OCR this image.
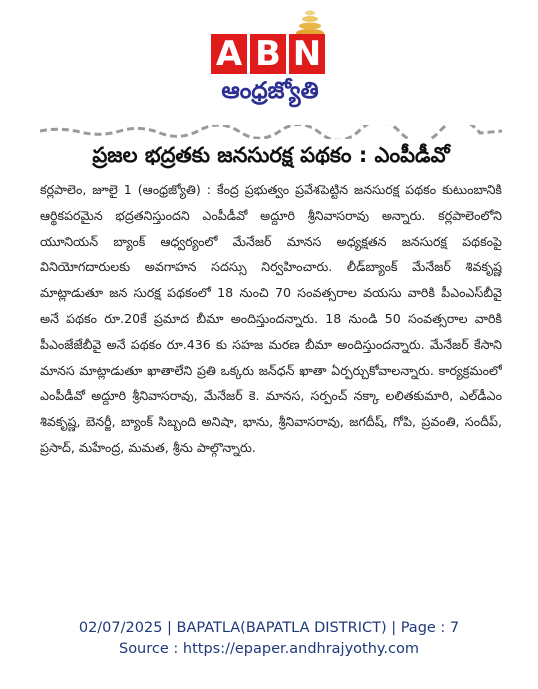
A B N
ఆంధ్రజ్యోతి
ప్రజల భద్రతకు జనసురక్ష పథకం : ఎంపీడీవో

కర్లపాలెం, జూలై 1 (ఆంధ్రజ్యోతి) : కేంద్ర ప్రభుత్వం ప్రవేశపెట్టిన జనసురక్ష పథకం కుటుంబానికి ఆర్థికపరమైన భద్రతనిస్తుందని ఎంపీడీవో అద్దూరి శ్రీనివాసరావు అన్నారు. కర్లపాలెంలోని యూనియన్ బ్యాంక్ ఆధ్వర్యంలో మేనేజర్ మానస అధ్యక్షతన జనసురక్ష పథకంపై వినియోగదారులకు అవగాహన సదస్సు నిర్వహించారు. లీడ్‌బ్యాంక్ మేనేజర్ శివకృష్ణ మాట్లాడుతూ జన సురక్ష పథకంలో 18 నుంచి 70 సంవత్సరాల వయసు వారికి పీఎంఎస్‌బీవై అనే పథకం రూ.20కే ప్రమాద బీమా అందిస్తుందన్నారు. 18 నుండి 50 సంవత్సరాల వారికి పీఎంజేజేబీవై అనే పథకం రూ.436 కు సహజ మరణ బీమా అందిస్తుందన్నారు. మేనేజర్ కేసాని మానస మాట్లాడుతూ ఖాతాలేని ప్రతి ఒక్కరు జన్‌ధన్ ఖాతా ఏర్పర్చుకోవాలన్నారు. కార్యక్రమంలో ఎంపీడీవో అద్దూరి శ్రీనివాసరావు, మేనేజర్ కె. మానస, సర్పంచ్ నక్కా లలితకుమారి, ఎల్‌డీఎం శివకృష్ణ, బెనర్జీ, బ్యాంక్ సిబ్బంది అనిషా, భాను, శ్రీనివాసరావు, జగదీష్, గోపి, ప్రవంతి, సందీప్, ప్రసాద్, మహేంద్ర, మమత, శ్రీను పాల్గొన్నారు.

02/07/2025 | BAPATLA(BAPATLA DISTRICT) | Page : 7
Source : https://epaper.andhrajyothy.com
